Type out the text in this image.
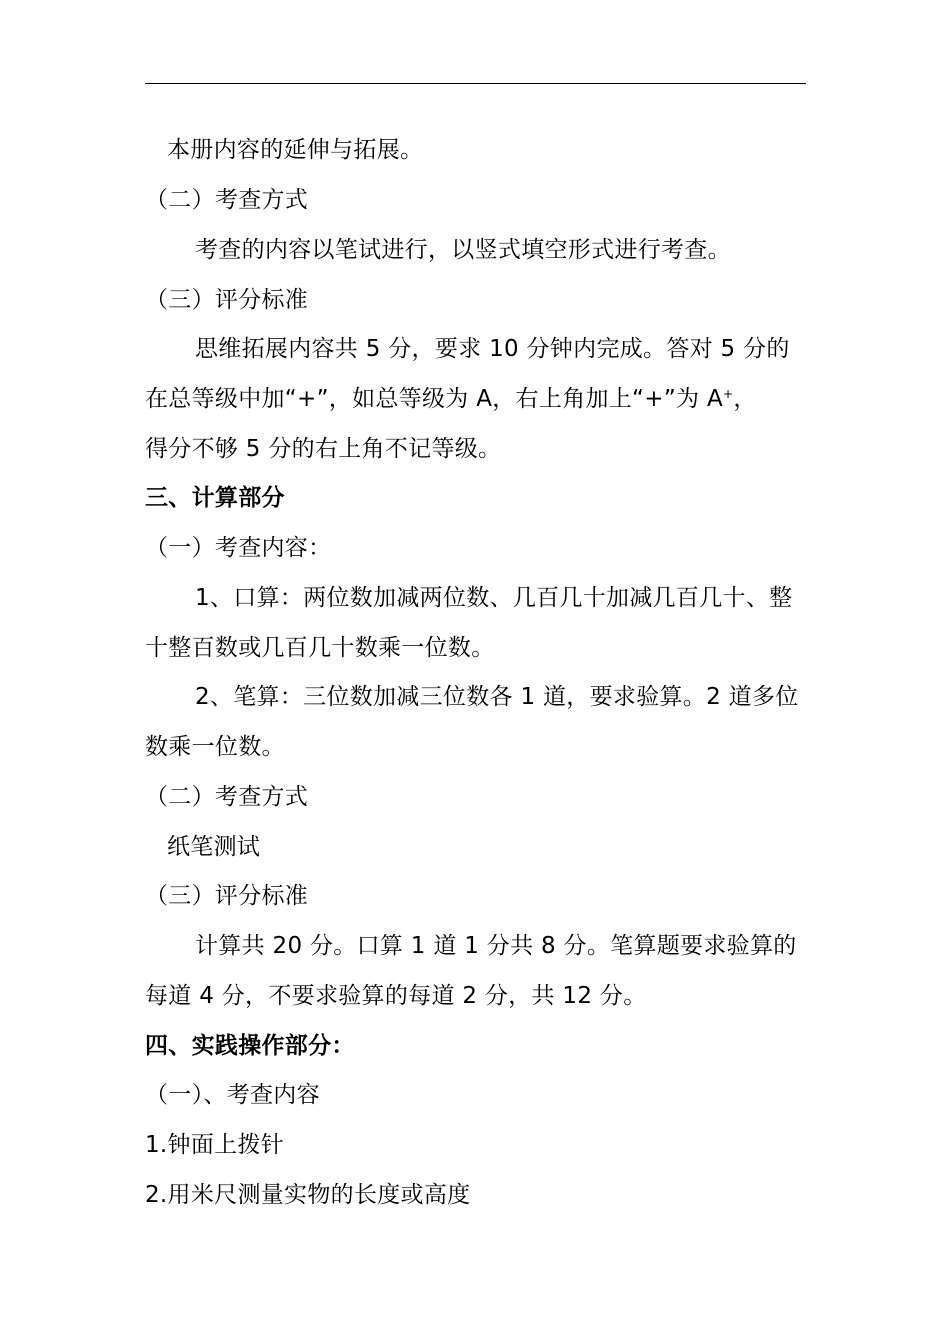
本册内容的延伸与拓展。
（二）考查方式
考查的内容以笔试进行，以竖式填空形式进行考查。
（三）评分标准
思维拓展内容共 5 分，要求 10 分钟内完成。答对 5 分的
在总等级中加“+”，如总等级为 A，右上角加上“+”为 A+，
得分不够 5 分的右上角不记等级。
三、计算部分
（一）考查内容：
1、口算：两位数加减两位数、几百几十加减几百几十、整
十整百数或几百几十数乘一位数。
2、笔算：三位数加减三位数各 1 道，要求验算。2 道多位
数乘一位数。
（二）考查方式
纸笔测试
（三）评分标准
计算共 20 分。口算 1 道 1 分共 8 分。笔算题要求验算的
每道 4 分，不要求验算的每道 2 分，共 12 分。
四、实践操作部分：
（一）、考查内容
1.钟面上拨针
2.用米尺测量实物的长度或高度
